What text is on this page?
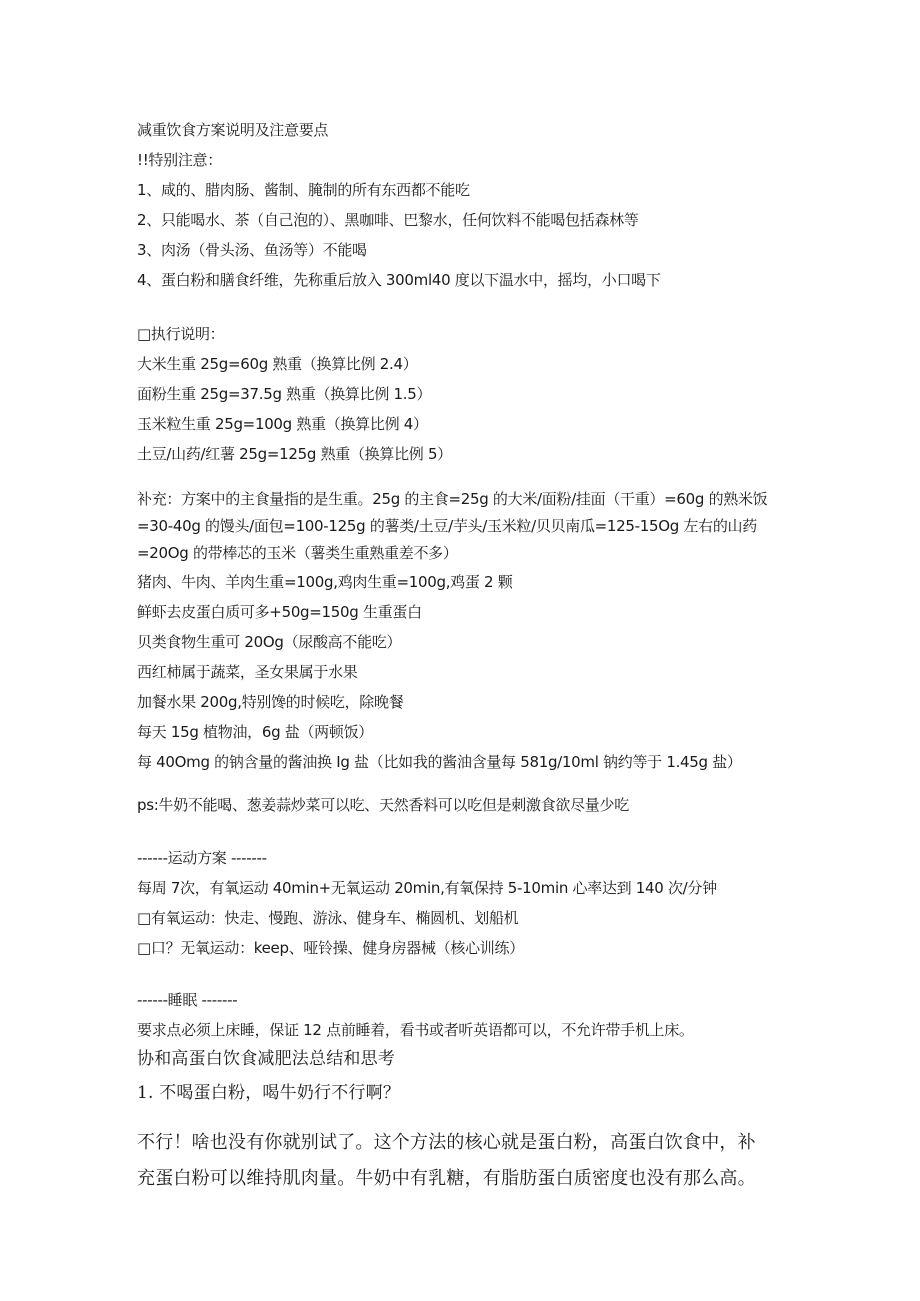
减重饮食方案说明及注意要点

!!特别注意：

1、咸的、腊肉肠、酱制、腌制的所有东西都不能吃

2、只能喝水、茶（自己泡的）、黑咖啡、巴黎水，任何饮料不能喝包括森林等

3、肉汤（骨头汤、鱼汤等）不能喝

4、蛋白粉和膳食纤维，先称重后放入 300ml40 度以下温水中，摇均，小口喝下

□执行说明：

大米生重 25g=60g 熟重（换算比例 2.4）

面粉生重 25g=37.5g 熟重（换算比例 1.5）

玉米粒生重 25g=100g 熟重（换算比例 4）

土豆/山药/红薯 25g=125g 熟重（换算比例 5）

补充：方案中的主食量指的是生重。25g 的主食=25g 的大米/面粉/挂面（干重）=60g 的熟米饭

=30-40g 的馒头/面包=100-125g 的薯类/土豆/芋头/玉米粒/贝贝南瓜=125-15Og 左右的山药

=20Og 的带棒芯的玉米（薯类生重熟重差不多）

猪肉、牛肉、羊肉生重=100g,鸡肉生重=100g,鸡蛋 2 颗

鲜虾去皮蛋白质可多+50g=150g 生重蛋白

贝类食物生重可 20Og（尿酸高不能吃）

西红柿属于蔬菜，圣女果属于水果

加餐水果 200g,特别馋的时候吃，除晚餐

每天 15g 植物油，6g 盐（两顿饭）

每 40Omg 的钠含量的酱油换 Ig 盐（比如我的酱油含量每 581g∕10ml 钠约等于 1.45g 盐）

ps:牛奶不能喝、葱姜蒜炒菜可以吃、天然香料可以吃但是刺激食欲尽量少吃

------运动方案 -------

每周 7次，有氧运动 40min+无氧运动 20min,有氧保持 5-10min 心率达到 140 次/分钟

□有氧运动：快走、慢跑、游泳、健身车、椭圆机、划船机

□口？无氧运动：keep、哑铃操、健身房器械（核心训练）

------睡眠 -------

要求点必须上床睡，保证 12 点前睡着，看书或者听英语都可以，不允许带手机上床。

协和高蛋白饮食减肥法总结和思考

1. 不喝蛋白粉，喝牛奶行不行啊？

不行！啥也没有你就别试了。这个方法的核心就是蛋白粉，高蛋白饮食中，补

充蛋白粉可以维持肌肉量。牛奶中有乳糖，有脂肪蛋白质密度也没有那么高。
